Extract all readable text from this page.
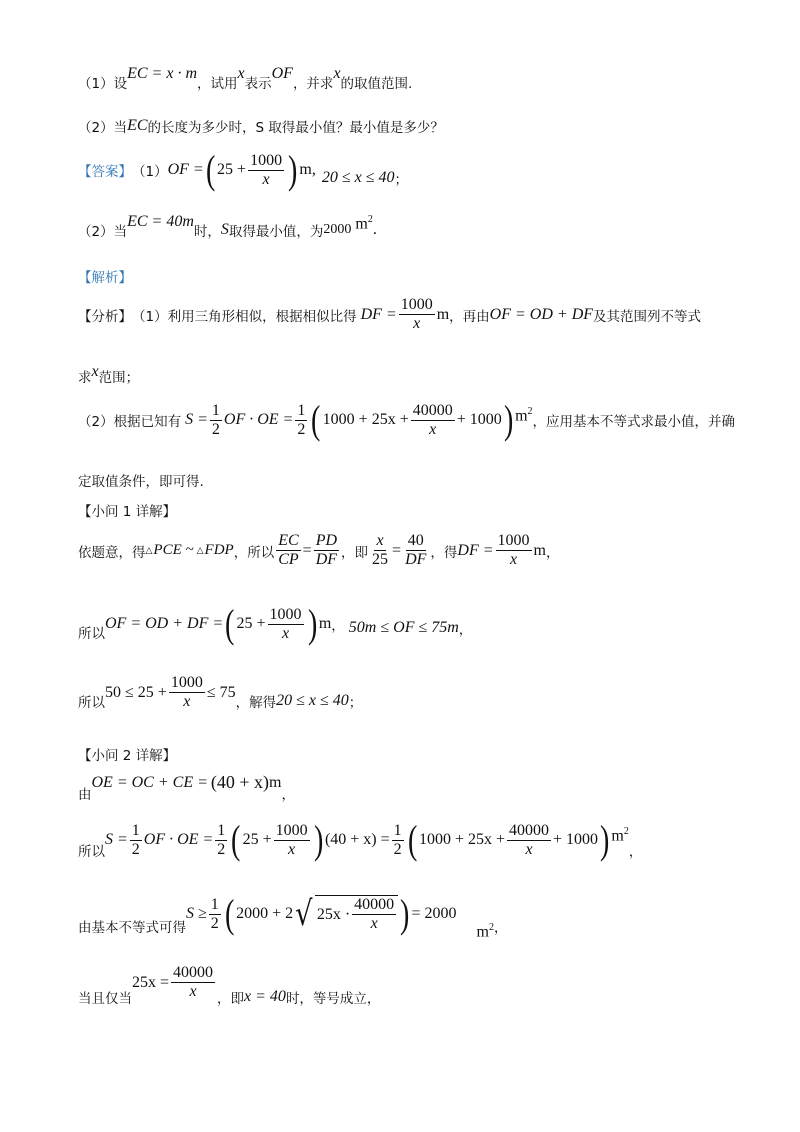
（1）设
EC = x · m
，试用
x
表示
OF
，并求
x
的取值范围.
（2）当 EC 的长度为多少时，S 取得最小值？最小值是多少？
【答案】 （1） OF = ( $25 + \frac{1000}{x}$ ) m, 20 ≤ x ≤ 40 ；
（2）当
EC = 40m
时， S 取得最小值，为 2000 $m^2$
.
【解析】
【分析】 （1）利用三角形相似，根据相似比得 DF = $\frac{1000}{x}$ m ，再由 OF = OD + DF 及其范围列不等式
求 x 范围；
（2）根据已知有 $S = \frac{1}{2}$ OF · OE = $\frac{1}{2}$ ( $1000 + 25x + \frac{40000}{x} + 1000$ ) $m^2$
，应用基本不等式求最小值，并确
定取值条件，即可得.
【小问 1 详解】
依题意，得 △ PCE ~ △ FDP ，所以 $\frac{EC}{CP} = \frac{PD}{DF}$ ，即 $\frac{x}{25} = \frac{40}{DF}$ ，得 DF = $\frac{1000}{x}$ m ，
所以
OF = OD + DF = ( $25 + \frac{1000}{x}$ ) m ， 50m ≤ OF ≤ 75m ，
所以
$50 \le 25 + \frac{1000}{x} \le 75$
，解得 20 ≤ x ≤ 40 ；
【小问 2 详解】
由
OE = OC + CE = (40 + x) m
，
所以
$S = \frac{1}{2}$ OF · OE = $\frac{1}{2}$ ( $25 + \frac{1000}{x}$ ) $(40 + x) = \frac{1}{2}$ ( $1000 + 25x + \frac{40000}{x} + 1000$ ) $m^2$
，
由基本不等式可得
$S \ge \frac{1}{2}$ ( 2000 + 2 √ $25x \cdot \frac{40000}{x}$ ) = 2000
$m^2$ ，
当且仅当
$25x = \frac{40000}{x}$ ，即 x = 40 时，等号成立，
